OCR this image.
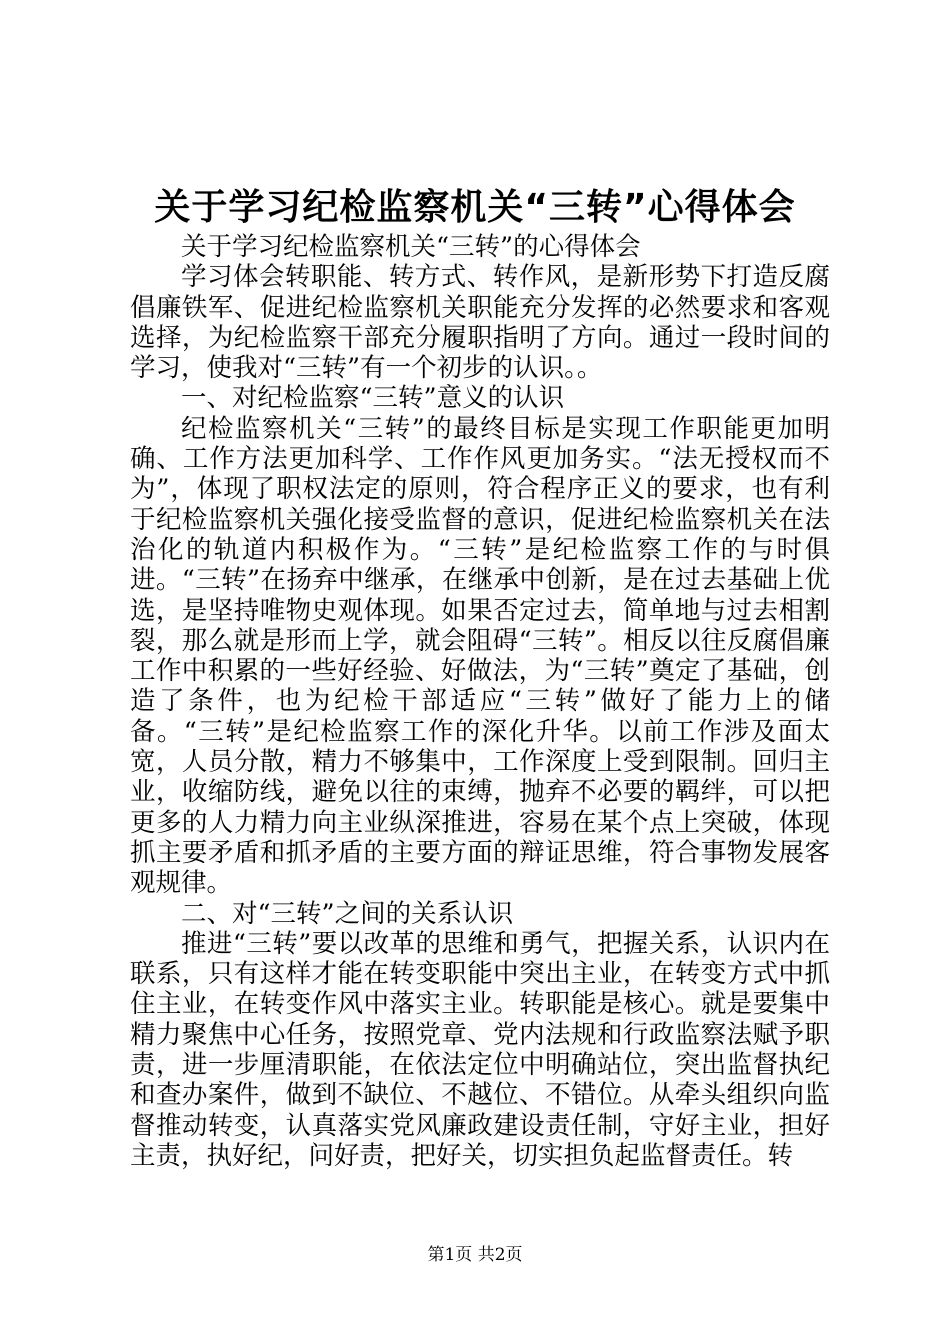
关于学习纪检监察机关“三转”心得体会

关于学习纪检监察机关“三转”的心得体会

学习体会转职能、转方式、转作风，是新形势下打造反腐倡廉铁军、促进纪检监察机关职能充分发挥的必然要求和客观选择，为纪检监察干部充分履职指明了方向。通过一段时间的学习，使我对“三转”有一个初步的认识。。

一、对纪检监察“三转”意义的认识

纪检监察机关“三转”的最终目标是实现工作职能更加明确、工作方法更加科学、工作作风更加务实。“法无授权而不为”，体现了职权法定的原则，符合程序正义的要求，也有利于纪检监察机关强化接受监督的意识，促进纪检监察机关在法治化的轨道内积极作为。“三转”是纪检监察工作的与时俱进。“三转”在扬弃中继承，在继承中创新，是在过去基础上优选，是坚持唯物史观体现。如果否定过去，简单地与过去相割裂，那么就是形而上学，就会阻碍“三转”。相反以往反腐倡廉工作中积累的一些好经验、好做法，为“三转”奠定了基础，创造了条件，也为纪检干部适应“三转”做好了能力上的储备。“三转”是纪检监察工作的深化升华。以前工作涉及面太宽，人员分散，精力不够集中，工作深度上受到限制。回归主业，收缩防线，避免以往的束缚，抛弃不必要的羁绊，可以把更多的人力精力向主业纵深推进，容易在某个点上突破，体现抓主要矛盾和抓矛盾的主要方面的辩证思维，符合事物发展客观规律。

二、对“三转”之间的关系认识

推进“三转”要以改革的思维和勇气，把握关系，认识内在联系，只有这样才能在转变职能中突出主业，在转变方式中抓住主业，在转变作风中落实主业。转职能是核心。就是要集中精力聚焦中心任务，按照党章、党内法规和行政监察法赋予职责，进一步厘清职能，在依法定位中明确站位，突出监督执纪和查办案件，做到不缺位、不越位、不错位。从牵头组织向监督推动转变，认真落实党风廉政建设责任制，守好主业，担好主责，执好纪，问好责，把好关，切实担负起监督责任。转

第1页 共2页
